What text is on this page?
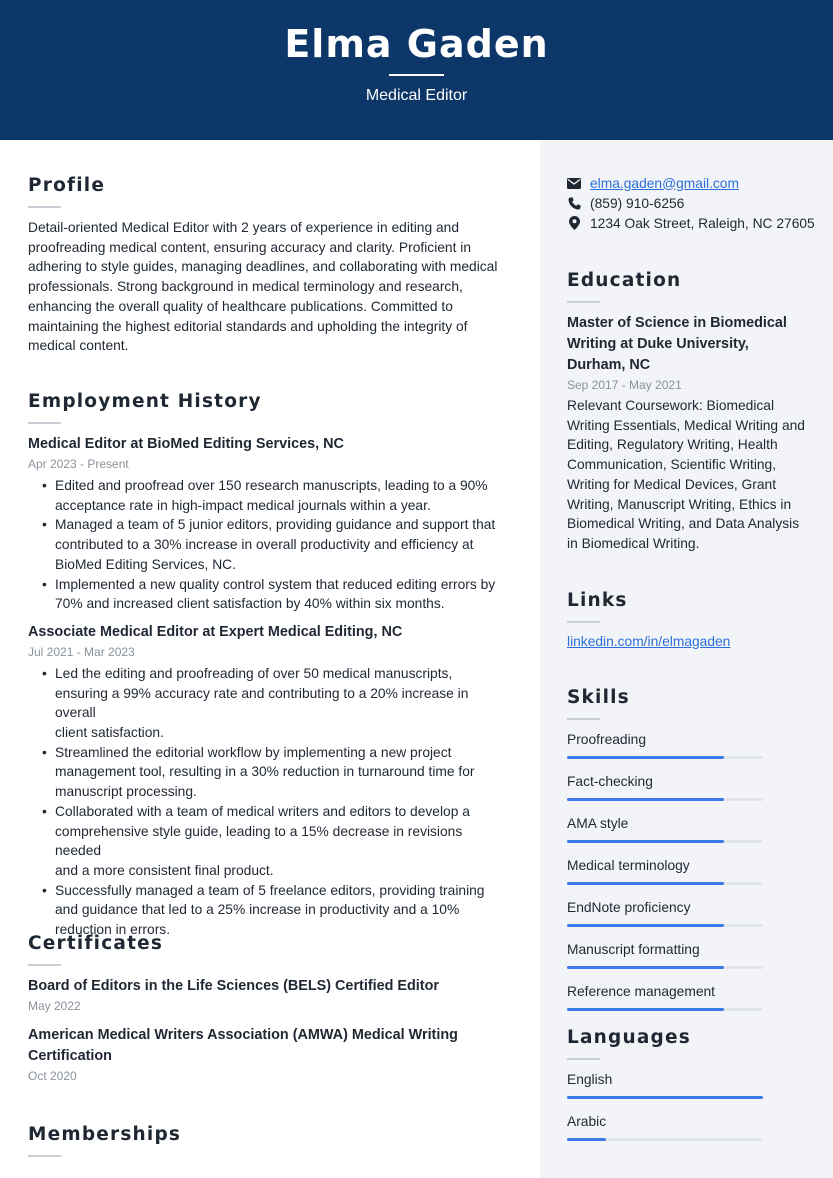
Elma Gaden
Medical Editor
Profile
Detail-oriented Medical Editor with 2 years of experience in editing and
proofreading medical content, ensuring accuracy and clarity. Proficient in
adhering to style guides, managing deadlines, and collaborating with medical
professionals. Strong background in medical terminology and research,
enhancing the overall quality of healthcare publications. Committed to
maintaining the highest editorial standards and upholding the integrity of
medical content.
Employment History
Medical Editor at BioMed Editing Services, NC
Apr 2023 - Present
• Edited and proofread over 150 research manuscripts, leading to a 90%
acceptance rate in high-impact medical journals within a year.
• Managed a team of 5 junior editors, providing guidance and support that
contributed to a 30% increase in overall productivity and efficiency at
BioMed Editing Services, NC.
• Implemented a new quality control system that reduced editing errors by
70% and increased client satisfaction by 40% within six months.
Associate Medical Editor at Expert Medical Editing, NC
Jul 2021 - Mar 2023
• Led the editing and proofreading of over 50 medical manuscripts,
ensuring a 99% accuracy rate and contributing to a 20% increase in overall
client satisfaction.
• Streamlined the editorial workflow by implementing a new project
management tool, resulting in a 30% reduction in turnaround time for
manuscript processing.
• Collaborated with a team of medical writers and editors to develop a
comprehensive style guide, leading to a 15% decrease in revisions needed
and a more consistent final product.
• Successfully managed a team of 5 freelance editors, providing training
and guidance that led to a 25% increase in productivity and a 10%
reduction in errors.
Certificates
Board of Editors in the Life Sciences (BELS) Certified Editor
May 2022
American Medical Writers Association (AMWA) Medical Writing
Certification
Oct 2020
Memberships
elma.gaden@gmail.com
(859) 910-6256
1234 Oak Street, Raleigh, NC 27605
Education
Master of Science in Biomedical
Writing at Duke University,
Durham, NC
Sep 2017 - May 2021
Relevant Coursework: Biomedical
Writing Essentials, Medical Writing and
Editing, Regulatory Writing, Health
Communication, Scientific Writing,
Writing for Medical Devices, Grant
Writing, Manuscript Writing, Ethics in
Biomedical Writing, and Data Analysis
in Biomedical Writing.
Links
linkedin.com/in/elmagaden
Skills
Proofreading
Fact-checking
AMA style
Medical terminology
EndNote proficiency
Manuscript formatting
Reference management
Languages
English
Arabic
